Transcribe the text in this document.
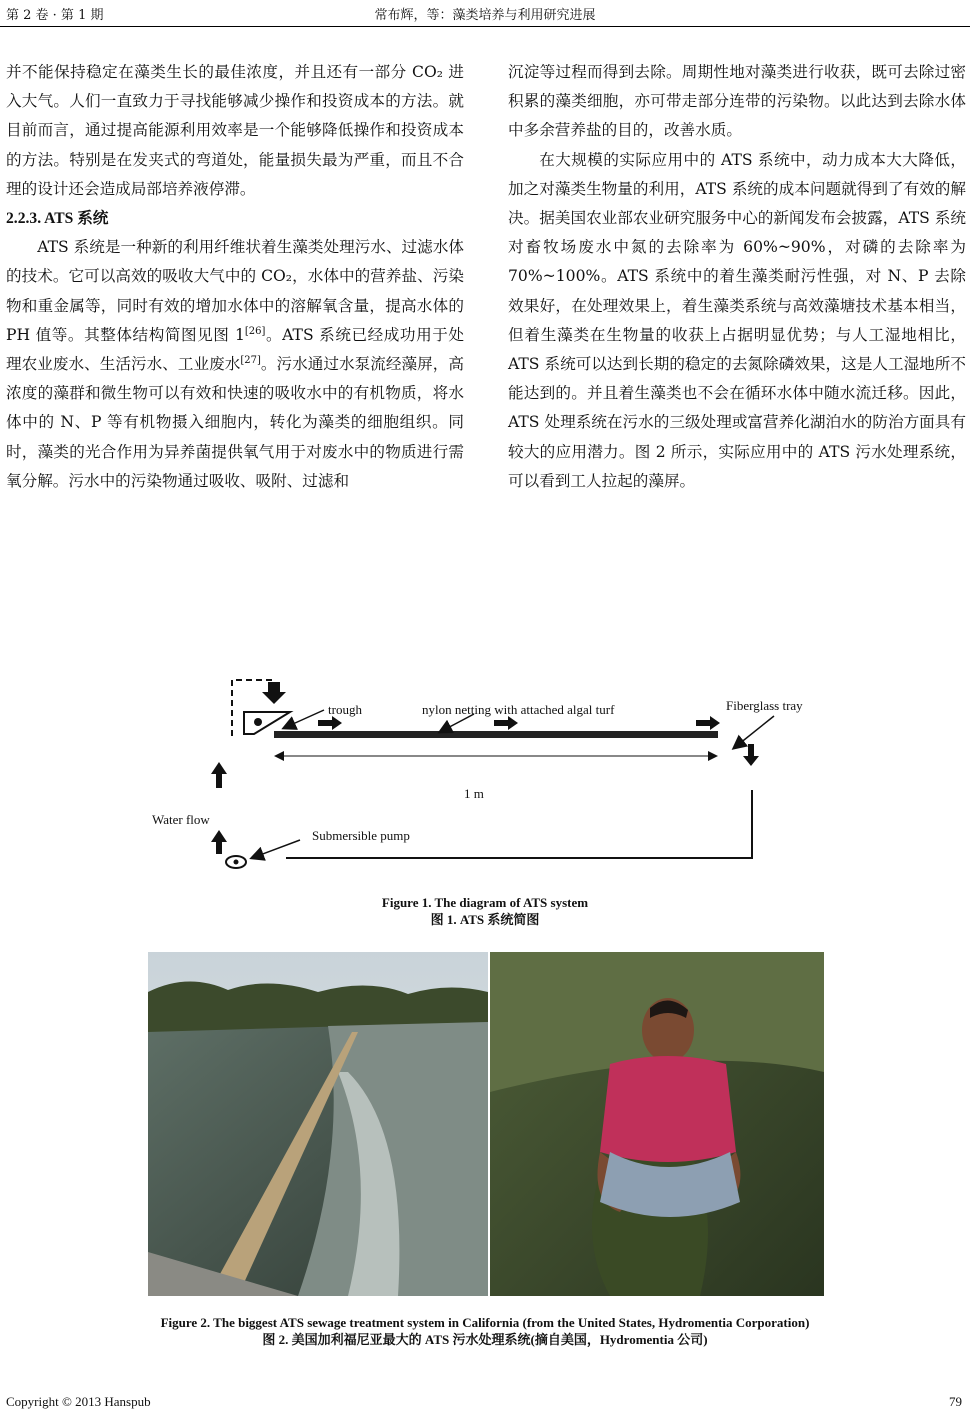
第 2 卷 · 第 1 期	常布辉，等：藻类培养与利用研究进展

并不能保持稳定在藻类生长的最佳浓度，并且还有一部分 CO₂ 进入大气。人们一直致力于寻找能够减少操作和投资成本的方法。就目前而言，通过提高能源利用效率是一个能够降低操作和投资成本的方法。特别是在发夹式的弯道处，能量损失最为严重，而且不合理的设计还会造成局部培养液停滞。

2.2.3. ATS 系统

ATS 系统是一种新的利用纤维状着生藻类处理污水、过滤水体的技术。它可以高效的吸收大气中的 CO₂，水体中的营养盐、污染物和重金属等，同时有效的增加水体中的溶解氧含量，提高水体的 PH 值等。其整体结构简图见图 1[26]。ATS 系统已经成功用于处理农业废水、生活污水、工业废水[27]。污水通过水泵流经藻屏，高浓度的藻群和微生物可以有效和快速的吸收水中的有机物质，将水体中的 N、P 等有机物摄入细胞内，转化为藻类的细胞组织。同时，藻类的光合作用为异养菌提供氧气用于对废水中的物质进行需氧分解。污水中的污染物通过吸收、吸附、过滤和

沉淀等过程而得到去除。周期性地对藻类进行收获，既可去除过密积累的藻类细胞，亦可带走部分连带的污染物。以此达到去除水体中多余营养盐的目的，改善水质。

在大规模的实际应用中的 ATS 系统中，动力成本大大降低，加之对藻类生物量的利用，ATS 系统的成本问题就得到了有效的解决。据美国农业部农业研究服务中心的新闻发布会披露，ATS 系统对畜牧场废水中氮的去除率为 60%~90%，对磷的去除率为 70%~100%。ATS 系统中的着生藻类耐污性强，对 N、P 去除效果好，在处理效果上，着生藻类系统与高效藻塘技术基本相当，但着生藻类在生物量的收获上占据明显优势；与人工湿地相比，ATS 系统可以达到长期的稳定的去氮除磷效果，这是人工湿地所不能达到的。并且着生藻类也不会在循环水体中随水流迁移。因此，ATS 处理系统在污水的三级处理或富营养化湖泊水的防治方面具有较大的应用潜力。图 2 所示，实际应用中的 ATS 污水处理系统，可以看到工人拉起的藻屏。

1 m
trough	nylon netting with attached algal turf	Fiberglass tray
Water flow
Submersible pump
Figure 1. The diagram of ATS system
图 1. ATS 系统简图
Figure 2. The biggest ATS sewage treatment system in California (from the United States, Hydromentia Corporation)
图 2. 美国加利福尼亚最大的 ATS 污水处理系统(摘自美国，Hydromentia 公司)
Copyright © 2013 Hanspub	79
